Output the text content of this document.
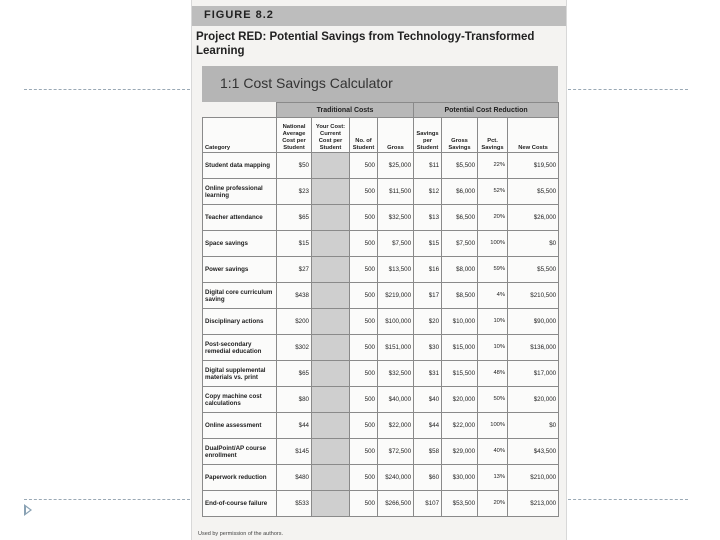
FIGURE 8.2
Project RED: Potential Savings from Technology-Transformed Learning
1:1 Cost Savings Calculator
	Traditional Costs				Potential Cost Reduction			
Category	National Average Cost per Student	Your Cost: Current Cost per Student	No. of Student	Gross	Savings per Student	Gross Savings	Pct. Savings	New Costs
Student data mapping	$50		500	$25,000	$11	$5,500	22%	$19,500
Online professional learning	$23		500	$11,500	$12	$6,000	52%	$5,500
Teacher attendance	$65		500	$32,500	$13	$6,500	20%	$26,000
Space savings	$15		500	$7,500	$15	$7,500	100%	$0
Power savings	$27		500	$13,500	$16	$8,000	59%	$5,500
Digital core curriculum saving	$438		500	$219,000	$17	$8,500	4%	$210,500
Disciplinary actions	$200		500	$100,000	$20	$10,000	10%	$90,000
Post-secondary remedial education	$302		500	$151,000	$30	$15,000	10%	$136,000
Digital supplemental materials vs. print	$65		500	$32,500	$31	$15,500	48%	$17,000
Copy machine cost calculations	$80		500	$40,000	$40	$20,000	50%	$20,000
Online assessment	$44		500	$22,000	$44	$22,000	100%	$0
DualPoint/AP course enrollment	$145		500	$72,500	$58	$29,000	40%	$43,500
Paperwork reduction	$480		500	$240,000	$60	$30,000	13%	$210,000
End-of-course failure	$533		500	$266,500	$107	$53,500	20%	$213,000
Used by permission of the authors.
